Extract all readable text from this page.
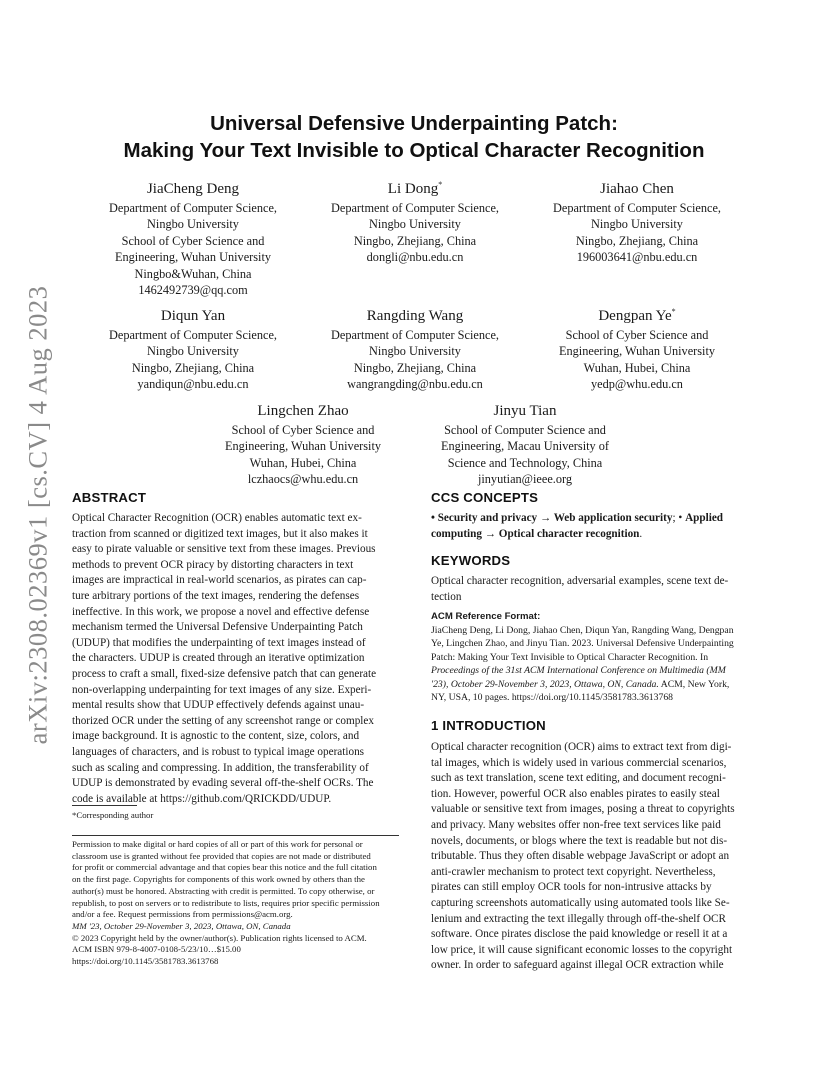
arXiv:2308.02369v1 [cs.CV] 4 Aug 2023
Universal Defensive Underpainting Patch:
Making Your Text Invisible to Optical Character Recognition
JiaCheng Deng
Department of Computer Science,
Ningbo University
School of Cyber Science and
Engineering, Wuhan University
Ningbo&Wuhan, China
1462492739@qq.com
Li Dong*
Department of Computer Science,
Ningbo University
Ningbo, Zhejiang, China
dongli@nbu.edu.cn
Jiahao Chen
Department of Computer Science,
Ningbo University
Ningbo, Zhejiang, China
196003641@nbu.edu.cn
Diqun Yan
Department of Computer Science,
Ningbo University
Ningbo, Zhejiang, China
yandiqun@nbu.edu.cn
Rangding Wang
Department of Computer Science,
Ningbo University
Ningbo, Zhejiang, China
wangrangding@nbu.edu.cn
Dengpan Ye*
School of Cyber Science and
Engineering, Wuhan University
Wuhan, Hubei, China
yedp@whu.edu.cn
Lingchen Zhao
School of Cyber Science and
Engineering, Wuhan University
Wuhan, Hubei, China
lczhaocs@whu.edu.cn
Jinyu Tian
School of Computer Science and
Engineering, Macau University of
Science and Technology, China
jinyutian@ieee.org
ABSTRACT
Optical Character Recognition (OCR) enables automatic text ex-
traction from scanned or digitized text images, but it also makes it
easy to pirate valuable or sensitive text from these images. Previous
methods to prevent OCR piracy by distorting characters in text
images are impractical in real-world scenarios, as pirates can cap-
ture arbitrary portions of the text images, rendering the defenses
ineffective. In this work, we propose a novel and effective defense
mechanism termed the Universal Defensive Underpainting Patch
(UDUP) that modifies the underpainting of text images instead of
the characters. UDUP is created through an iterative optimization
process to craft a small, fixed-size defensive patch that can generate
non-overlapping underpainting for text images of any size. Experi-
mental results show that UDUP effectively defends against unau-
thorized OCR under the setting of any screenshot range or complex
image background. It is agnostic to the content, size, colors, and
languages of characters, and is robust to typical image operations
such as scaling and compressing. In addition, the transferability of
UDUP is demonstrated by evading several off-the-shelf OCRs. The
code is available at https://github.com/QRICKDD/UDUP.
*Corresponding author
Permission to make digital or hard copies of all or part of this work for personal or
classroom use is granted without fee provided that copies are not made or distributed
for profit or commercial advantage and that copies bear this notice and the full citation
on the first page. Copyrights for components of this work owned by others than the
author(s) must be honored. Abstracting with credit is permitted. To copy otherwise, or
republish, to post on servers or to redistribute to lists, requires prior specific permission
and/or a fee. Request permissions from permissions@acm.org.
MM '23, October 29-November 3, 2023, Ottawa, ON, Canada
© 2023 Copyright held by the owner/author(s). Publication rights licensed to ACM.
ACM ISBN 979-8-4007-0108-5/23/10…$15.00
https://doi.org/10.1145/3581783.3613768
CCS CONCEPTS
• Security and privacy → Web application security; • Applied
computing → Optical character recognition.
KEYWORDS
Optical character recognition, adversarial examples, scene text de-
tection
ACM Reference Format:
JiaCheng Deng, Li Dong, Jiahao Chen, Diqun Yan, Rangding Wang, Dengpan
Ye, Lingchen Zhao, and Jinyu Tian. 2023. Universal Defensive Underpainting
Patch: Making Your Text Invisible to Optical Character Recognition. In
Proceedings of the 31st ACM International Conference on Multimedia (MM
'23), October 29-November 3, 2023, Ottawa, ON, Canada. ACM, New York,
NY, USA, 10 pages. https://doi.org/10.1145/3581783.3613768
1 INTRODUCTION
Optical character recognition (OCR) aims to extract text from digi-
tal images, which is widely used in various commercial scenarios,
such as text translation, scene text editing, and document recogni-
tion. However, powerful OCR also enables pirates to easily steal
valuable or sensitive text from images, posing a threat to copyrights
and privacy. Many websites offer non-free text services like paid
novels, documents, or blogs where the text is readable but not dis-
tributable. Thus they often disable webpage JavaScript or adopt an
anti-crawler mechanism to protect text copyright. Nevertheless,
pirates can still employ OCR tools for non-intrusive attacks by
capturing screenshots automatically using automated tools like Se-
lenium and extracting the text illegally through off-the-shelf OCR
software. Once pirates disclose the paid knowledge or resell it at a
low price, it will cause significant economic losses to the copyright
owner. In order to safeguard against illegal OCR extraction while
